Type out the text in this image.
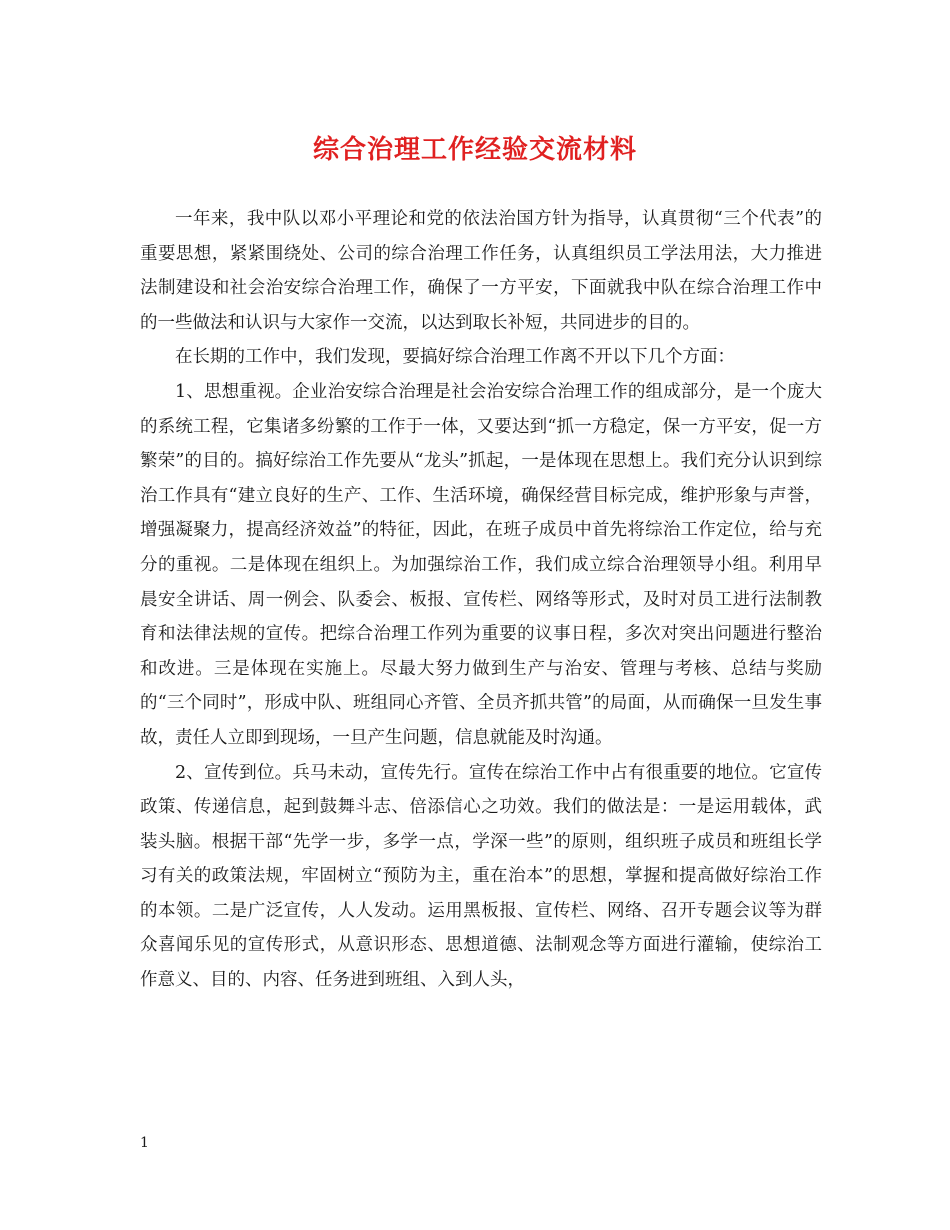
综合治理工作经验交流材料

一年来，我中队以邓小平理论和党的依法治国方针为指导，认真贯彻“三个代表”的重要思想，紧紧围绕处、公司的综合治理工作任务，认真组织员工学法用法，大力推进法制建设和社会治安综合治理工作，确保了一方平安，下面就我中队在综合治理工作中的一些做法和认识与大家作一交流，以达到取长补短，共同进步的目的。

在长期的工作中，我们发现，要搞好综合治理工作离不开以下几个方面：

1、思想重视。企业治安综合治理是社会治安综合治理工作的组成部分，是一个庞大的系统工程，它集诸多纷繁的工作于一体，又要达到“抓一方稳定，保一方平安，促一方繁荣”的目的。搞好综治工作先要从“龙头”抓起，一是体现在思想上。我们充分认识到综治工作具有“建立良好的生产、工作、生活环境，确保经营目标完成，维护形象与声誉，增强凝聚力，提高经济效益”的特征，因此，在班子成员中首先将综治工作定位，给与充分的重视。二是体现在组织上。为加强综治工作，我们成立综合治理领导小组。利用早晨安全讲话、周一例会、队委会、板报、宣传栏、网络等形式，及时对员工进行法制教育和法律法规的宣传。把综合治理工作列为重要的议事日程，多次对突出问题进行整治和改进。三是体现在实施上。尽最大努力做到生产与治安、管理与考核、总结与奖励的“三个同时”，形成中队、班组同心齐管、全员齐抓共管”的局面，从而确保一旦发生事故，责任人立即到现场，一旦产生问题，信息就能及时沟通。

2、宣传到位。兵马未动，宣传先行。宣传在综治工作中占有很重要的地位。它宣传政策、传递信息，起到鼓舞斗志、倍添信心之功效。我们的做法是：一是运用载体，武装头脑。根据干部“先学一步，多学一点，学深一些”的原则，组织班子成员和班组长学习有关的政策法规，牢固树立“预防为主，重在治本”的思想，掌握和提高做好综治工作的本领。二是广泛宣传，人人发动。运用黑板报、宣传栏、网络、召开专题会议等为群众喜闻乐见的宣传形式，从意识形态、思想道德、法制观念等方面进行灌输，使综治工作意义、目的、内容、任务进到班组、入到人头，

1
